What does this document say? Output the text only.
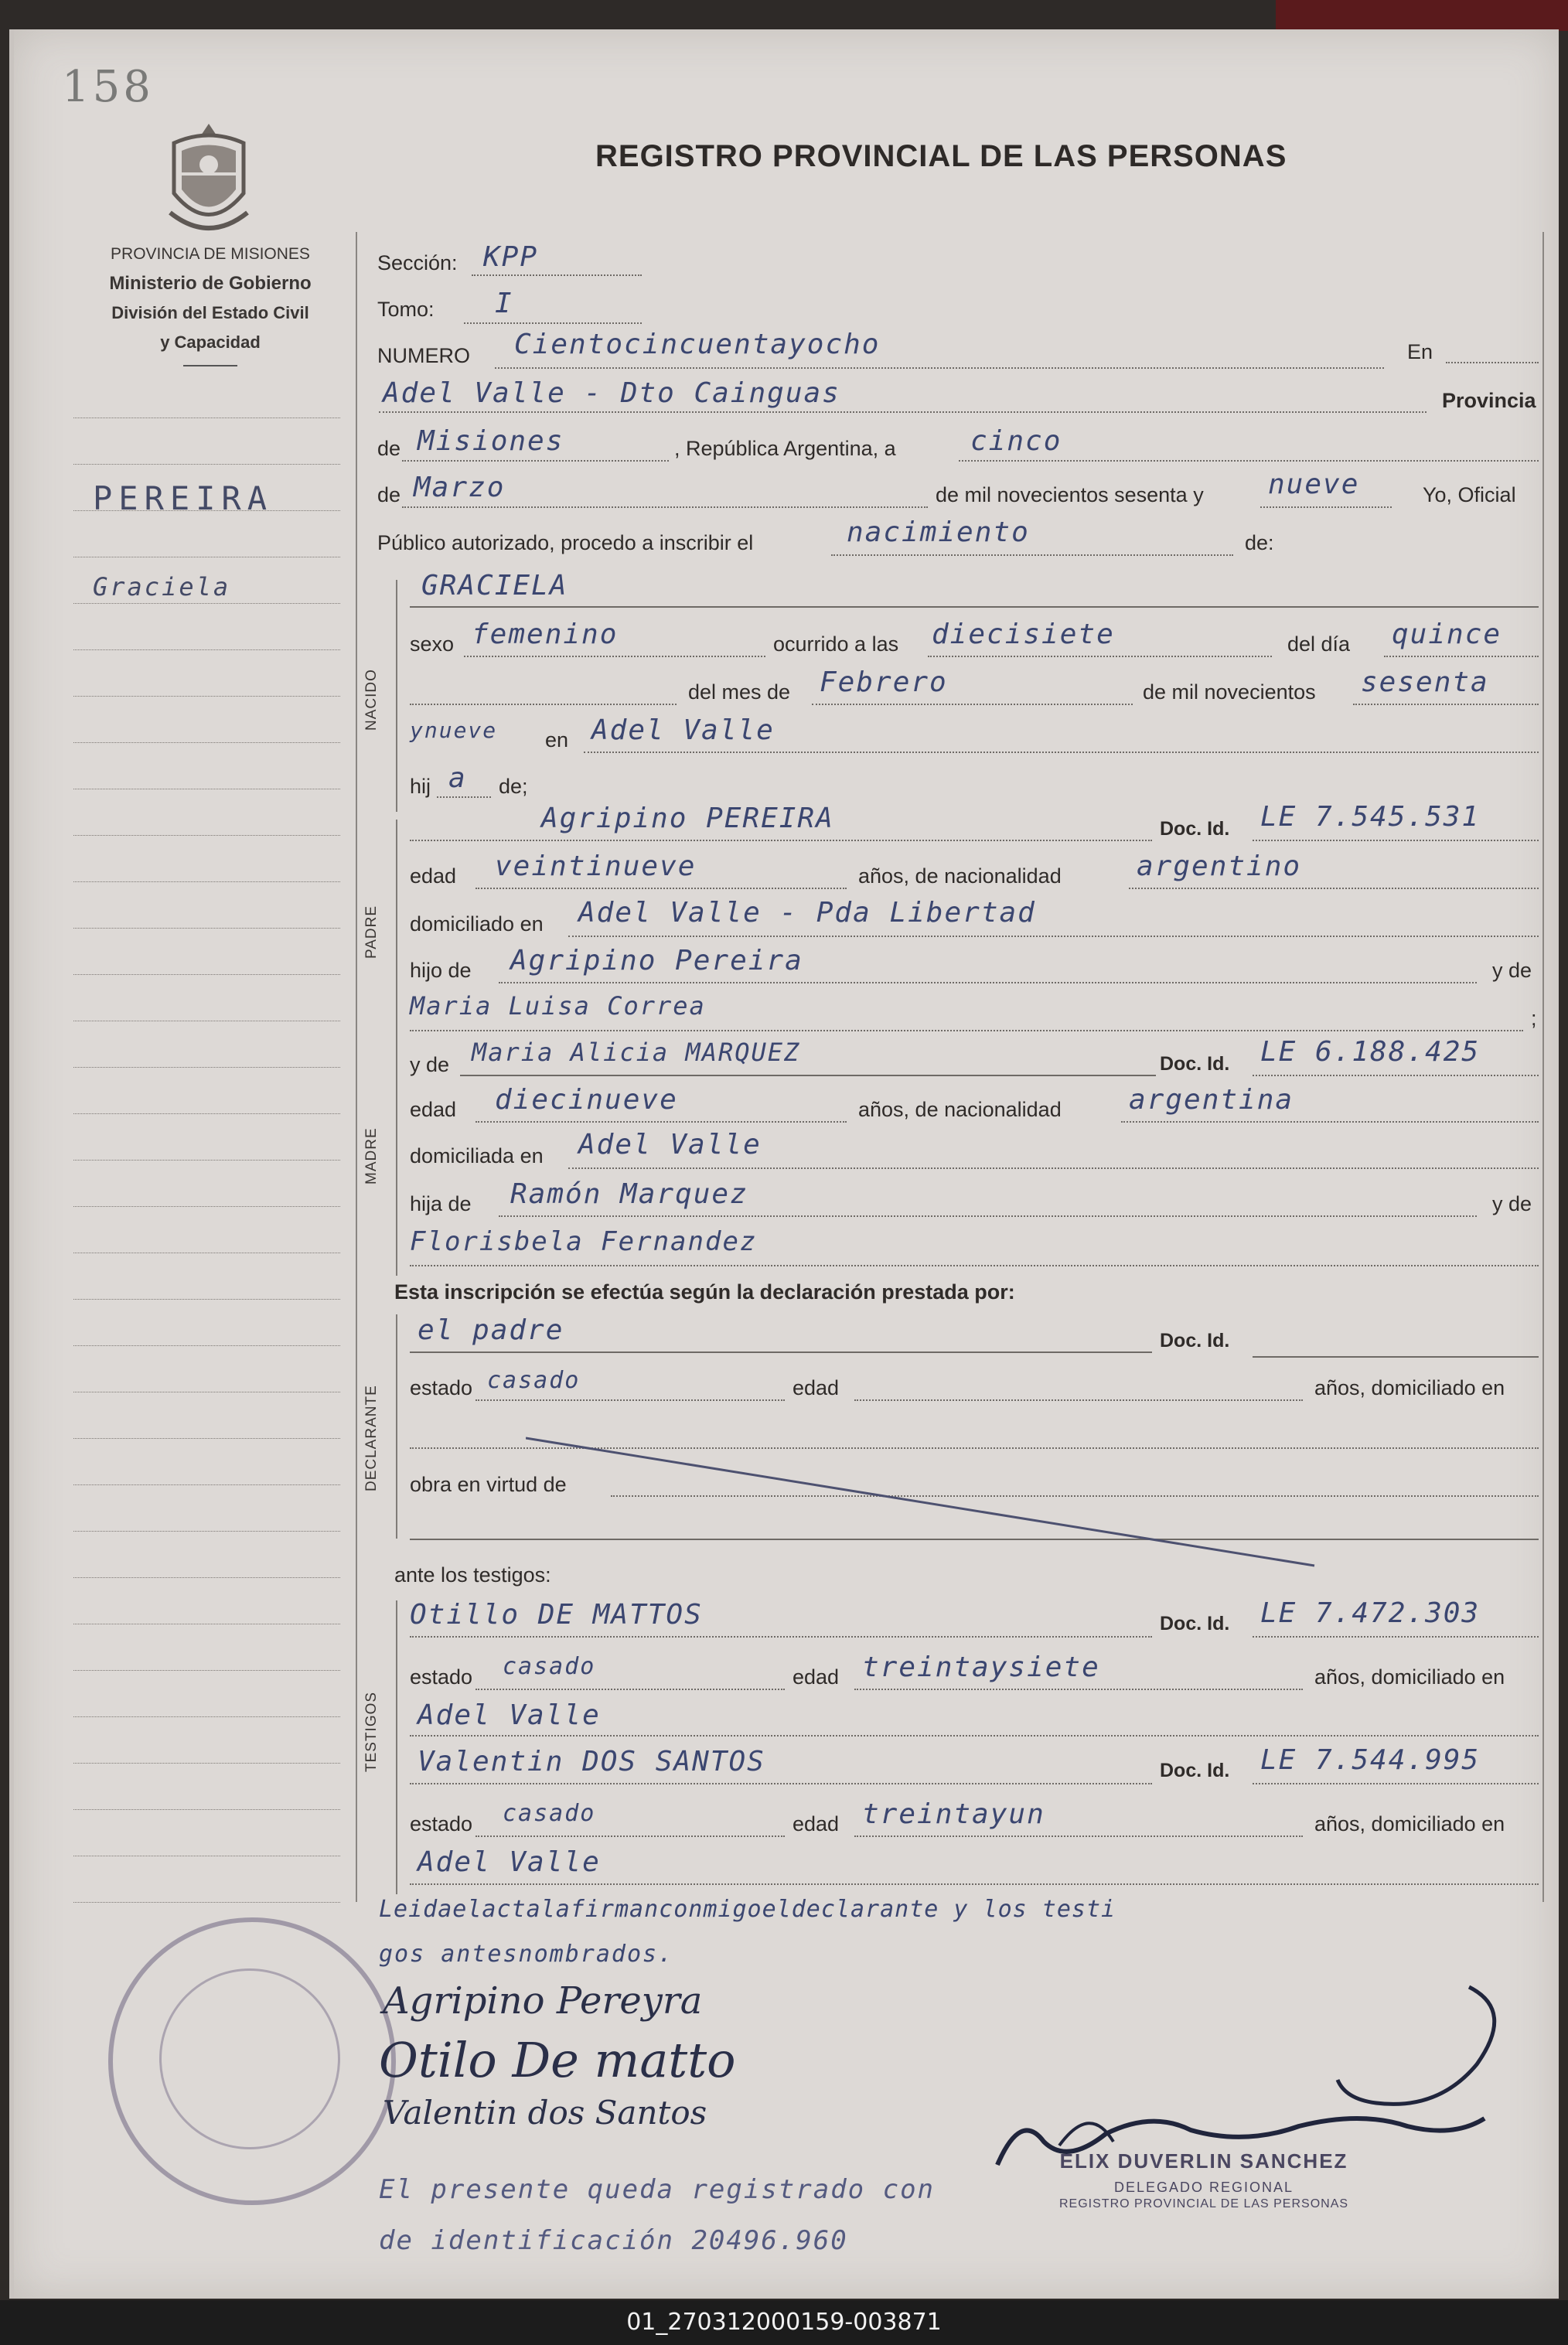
158
PROVINCIA DE MISIONES
Ministerio de Gobierno
División del Estado Civil
y Capacidad
REGISTRO PROVINCIAL DE LAS PERSONAS
PEREIRA
Graciela
Sección: KPP
Tomo: I
NUMERO Cientocincuentayocho	En
Adel Valle - Dto Cainguas	Provincia
de Misiones	, República Argentina, a	cinco
de Marzo	de mil novecientos sesenta y nueve	Yo, Oficial
Público autorizado, procedo a inscribir el	nacimiento	de:
NACIDO
GRACIELA
sexo femenino	ocurrido a las diecisiete	del día quince
del mes de Febrero	de mil novecientos sesenta
ynueve en Adel Valle
hij a de;
PADRE
Agripino PEREIRA	Doc. Id. LE 7.545.531
edad veintinueve	años, de nacionalidad	argentino
domiciliado en Adel Valle - Pda Libertad
hijo de Agripino Pereira	y de
Maria Luisa Correa	;
MADRE
y de Maria Alicia MARQUEZ	Doc. Id. LE 6.188.425
edad diecinueve	años, de nacionalidad argentina
domiciliada en Adel Valle
hija de Ramón Marquez	y de
Florisbela Fernandez
Esta inscripción se efectúa según la declaración prestada por:
DECLARANTE
el padre	Doc. Id.
estado casado	edad	años, domiciliado en
obra en virtud de
ante los testigos:
TESTIGOS
Otillo DE MATTOS	Doc. Id. LE 7.472.303
estado casado	edad treintaysiete	años, domiciliado en
Adel Valle
Valentin DOS SANTOS	Doc. Id. LE 7.544.995
estado casado	edad treintayun	años, domiciliado en
Adel Valle
Leidaelactalafirmanconmigoeldeclarante y los testi
gos antesnombrados.
Agripino Pereyra
Otilo De matto
Valentin dos Santos
ELIX DUVERLIN SANCHEZ
DELEGADO REGIONAL
REGISTRO PROVINCIAL DE LAS PERSONAS
El presente queda registrado con
de identificación 20496.960
01_270312000159-003871
